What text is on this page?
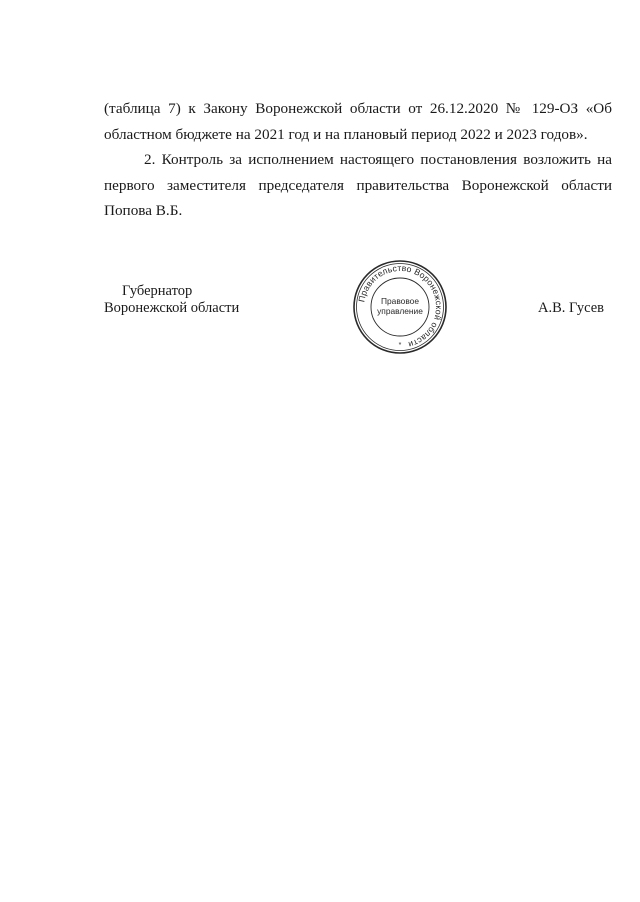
(таблица 7) к Закону Воронежской области от 26.12.2020 № 129-ОЗ «Об областном бюджете на 2021 год и на плановый период 2022 и 2023 годов».

2. Контроль за исполнением настоящего постановления возложить на первого заместителя председателя правительства Воронежской области Попова В.Б.

Губернатор
Воронежской области
Правительство Воронежской области
Правовое
управление
*
А.В. Гусев
